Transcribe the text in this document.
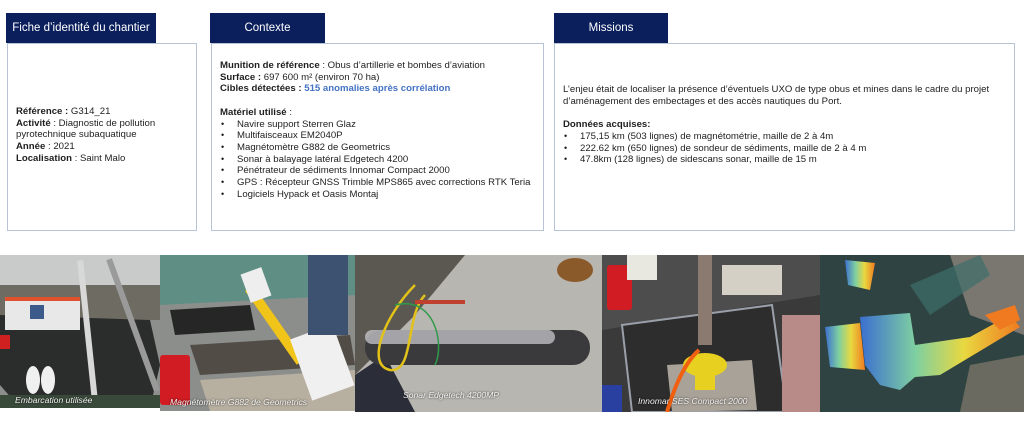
Fiche d’identité du chantier	Contexte	Missions
Référence : G314_21
Activité : Diagnostic de pollution pyrotechnique subaquatique
Année : 2021
Localisation : Saint Malo
Munition de référence : Obus d’artillerie et bombes d’aviation
Surface : 697 600 m² (environ 70 ha)
Cibles détectées : 515 anomalies après corrélation
Matériel utilisé :
• Navire support Sterren Glaz
• Multifaisceaux EM2040P
• Magnétomètre G882 de Geometrics
• Sonar à balayage latéral Edgetech 4200
• Pénétrateur de sédiments Innomar Compact 2000
• GPS : Récepteur GNSS Trimble MPS865 avec corrections RTK Teria
• Logiciels Hypack et Oasis Montaj
L’enjeu était de localiser la présence d’éventuels UXO de type obus et mines dans le cadre du projet d’aménagement des embectages et des accès nautiques du Port.
Données acquises:
• 175,15 km (503 lignes) de magnétométrie, maille de 2 à 4m
• 222.62 km (650 lignes) de sondeur de sédiments, maille de 2 à 4 m
• 47.8km (128 lignes) de sidescans sonar, maille de 15 m
Embarcation utilisée	Magnétomètre G882 de Geometrics
Sonar Edgetech 4200MP
Innomar SES Compact 2000
